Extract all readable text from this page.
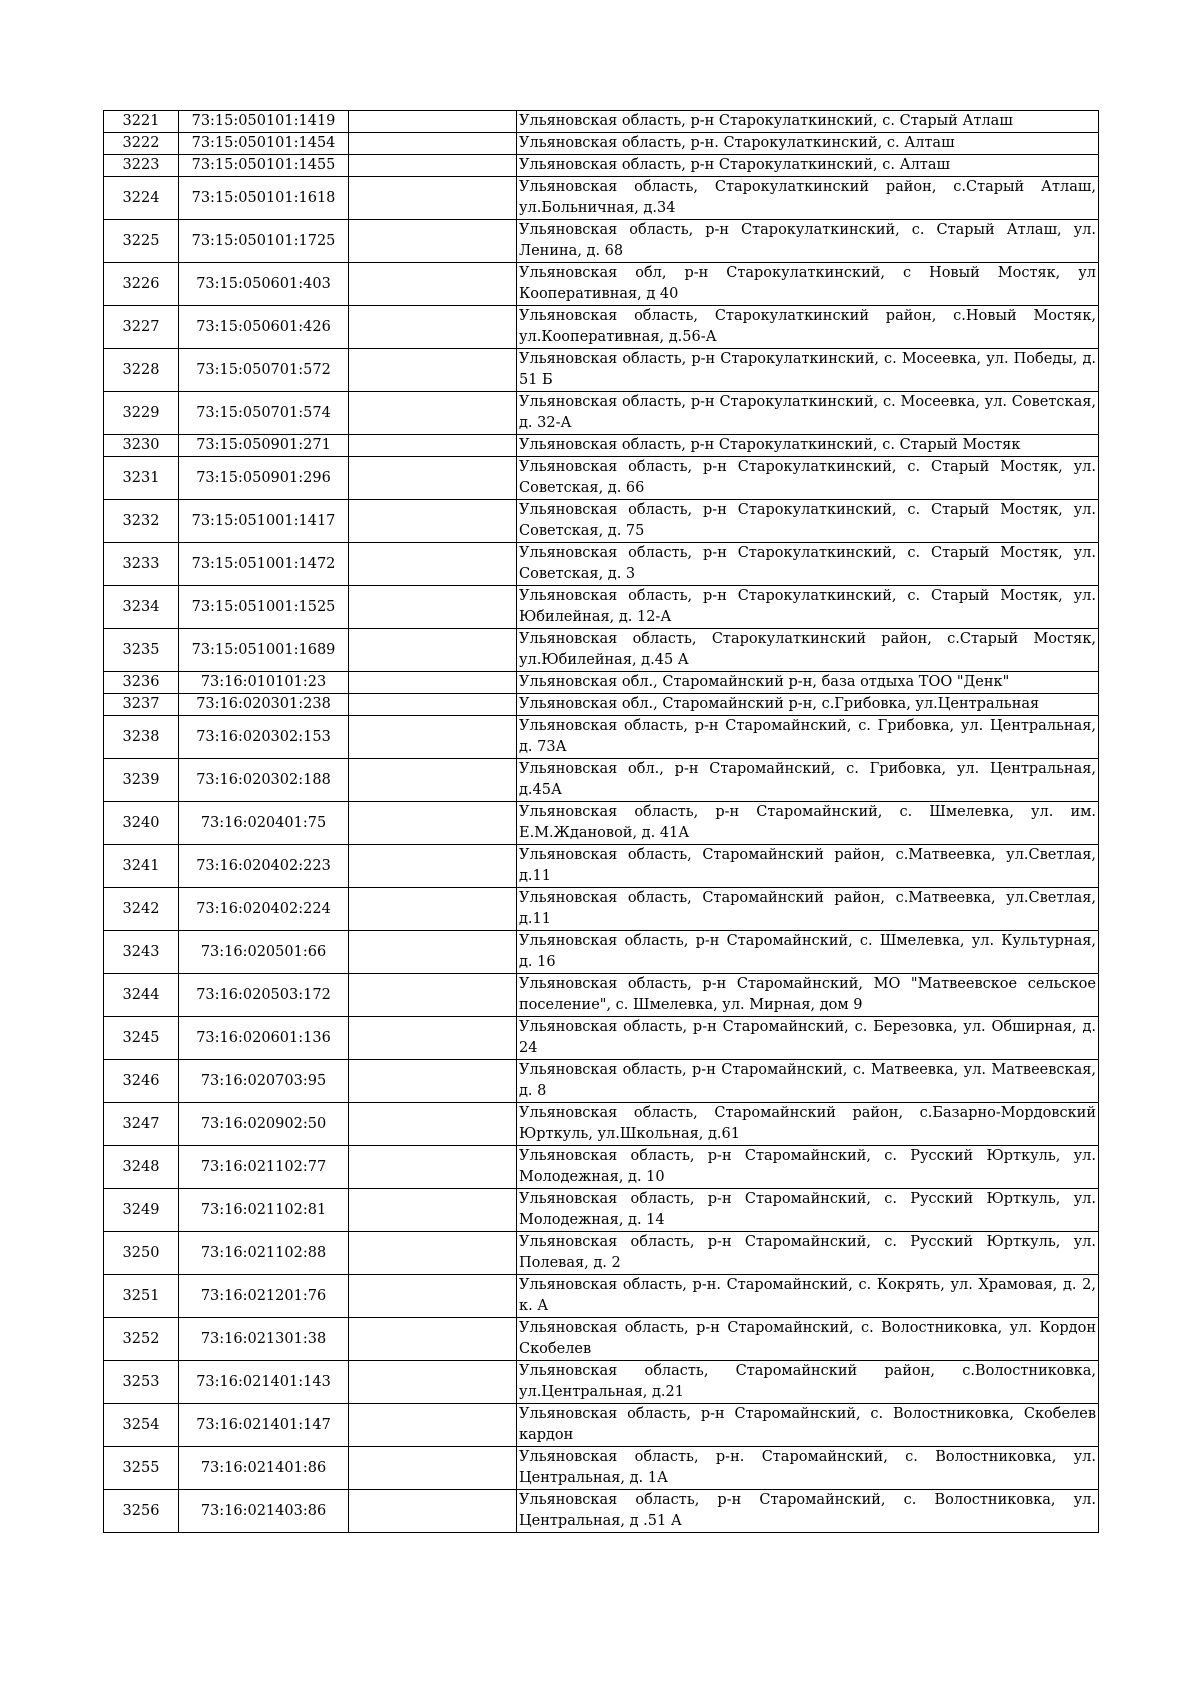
3221	73:15:050101:1419		Ульяновская область, р-н Старокулаткинский, с. Старый Атлаш
3222	73:15:050101:1454		Ульяновская область, р-н. Старокулаткинский, с. Алташ
3223	73:15:050101:1455		Ульяновская область, р-н Старокулаткинский, с. Алташ
3224	73:15:050101:1618		Ульяновская область, Старокулаткинский район, с.Старый Атлаш, ул.Больничная, д.34
3225	73:15:050101:1725		Ульяновская область, р-н Старокулаткинский, с. Старый Атлаш, ул. Ленина, д. 68
3226	73:15:050601:403		Ульяновская обл, р-н Старокулаткинский, с Новый Мостяк, ул Кооперативная, д 40
3227	73:15:050601:426		Ульяновская область, Старокулаткинский район, с.Новый Мостяк, ул.Кооперативная, д.56-А
3228	73:15:050701:572		Ульяновская область, р-н Старокулаткинский, с. Мосеевка, ул. Победы, д. 51 Б
3229	73:15:050701:574		Ульяновская область, р-н Старокулаткинский, с. Мосеевка, ул. Советская, д. 32-А
3230	73:15:050901:271		Ульяновская область, р-н Старокулаткинский, с. Старый Мостяк
3231	73:15:050901:296		Ульяновская область, р-н Старокулаткинский, с. Старый Мостяк, ул. Советская, д. 66
3232	73:15:051001:1417		Ульяновская область, р-н Старокулаткинский, с. Старый Мостяк, ул. Советская, д. 75
3233	73:15:051001:1472		Ульяновская область, р-н Старокулаткинский, с. Старый Мостяк, ул. Советская, д. 3
3234	73:15:051001:1525		Ульяновская область, р-н Старокулаткинский, с. Старый Мостяк, ул. Юбилейная, д. 12-А
3235	73:15:051001:1689		Ульяновская область, Старокулаткинский район, с.Старый Мостяк, ул.Юбилейная, д.45 А
3236	73:16:010101:23		Ульяновская обл., Старомайнский р-н, база отдыха ТОО "Денк"
3237	73:16:020301:238		Ульяновская обл., Старомайнский р-н, с.Грибовка, ул.Центральная
3238	73:16:020302:153		Ульяновская область, р-н Старомайнский, с. Грибовка, ул. Центральная, д. 73А
3239	73:16:020302:188		Ульяновская обл., р-н Старомайнский, с. Грибовка, ул. Центральная, д.45А
3240	73:16:020401:75		Ульяновская область, р-н Старомайнский, с. Шмелевка, ул. им. Е.М.Ждановой, д. 41А
3241	73:16:020402:223		Ульяновская область, Старомайнский район, с.Матвеевка, ул.Светлая, д.11
3242	73:16:020402:224		Ульяновская область, Старомайнский район, с.Матвеевка, ул.Светлая, д.11
3243	73:16:020501:66		Ульяновская область, р-н Старомайнский, с. Шмелевка, ул. Культурная, д. 16
3244	73:16:020503:172		Ульяновская область, р-н Старомайнский, МО "Матвеевское сельское поселение", с. Шмелевка, ул. Мирная, дом 9
3245	73:16:020601:136		Ульяновская область, р-н Старомайнский, с. Березовка, ул. Обширная, д. 24
3246	73:16:020703:95		Ульяновская область, р-н Старомайнский, с. Матвеевка, ул. Матвеевская, д. 8
3247	73:16:020902:50		Ульяновская область, Старомайнский район, с.Базарно-Мордовский Юрткуль, ул.Школьная, д.61
3248	73:16:021102:77		Ульяновская область, р-н Старомайнский, с. Русский Юрткуль, ул. Молодежная, д. 10
3249	73:16:021102:81		Ульяновская область, р-н Старомайнский, с. Русский Юрткуль, ул. Молодежная, д. 14
3250	73:16:021102:88		Ульяновская область, р-н Старомайнский, с. Русский Юрткуль, ул. Полевая, д. 2
3251	73:16:021201:76		Ульяновская область, р-н. Старомайнский, с. Кокрять, ул. Храмовая, д. 2, к. А
3252	73:16:021301:38		Ульяновская область, р-н Старомайнский, с. Волостниковка, ул. Кордон Скобелев
3253	73:16:021401:143		Ульяновская область, Старомайнский район, с.Волостниковка, ул.Центральная, д.21
3254	73:16:021401:147		Ульяновская область, р-н Старомайнский, с. Волостниковка, Скобелев кардон
3255	73:16:021401:86		Ульяновская область, р-н. Старомайнский, с. Волостниковка, ул. Центральная, д. 1А
3256	73:16:021403:86		Ульяновская область, р-н Старомайнский, с. Волостниковка, ул. Центральная, д .51 А
